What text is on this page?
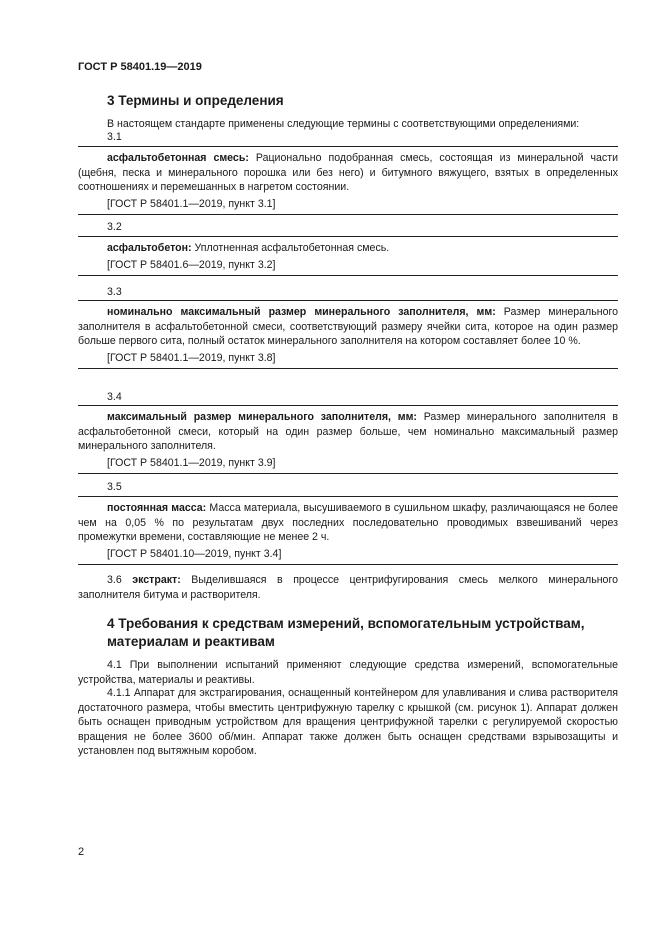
ГОСТ Р 58401.19—2019
3 Термины и определения
В настоящем стандарте применены следующие термины с соответствующими определениями:
3.1

асфальтобетонная смесь: Рационально подобранная смесь, состоящая из минеральной части (щебня, песка и минерального порошка или без него) и битумного вяжущего, взятых в определенных соотношениях и перемешанных в нагретом состоянии.

[ГОСТ Р 58401.1—2019, пункт 3.1]
3.2

асфальтобетон: Уплотненная асфальтобетонная смесь.

[ГОСТ Р 58401.6—2019, пункт 3.2]
3.3

номинально максимальный размер минерального заполнителя, мм: Размер минерального заполнителя в асфальтобетонной смеси, соответствующий размеру ячейки сита, которое на один размер больше первого сита, полный остаток минерального заполнителя на котором составляет более 10 %.

[ГОСТ Р 58401.1—2019, пункт 3.8]
3.4

максимальный размер минерального заполнителя, мм: Размер минерального заполнителя в асфальтобетонной смеси, который на один размер больше, чем номинально максимальный размер минерального заполнителя.

[ГОСТ Р 58401.1—2019, пункт 3.9]
3.5

постоянная масса: Масса материала, высушиваемого в сушильном шкафу, различающаяся не более чем на 0,05 % по результатам двух последних последовательно проводимых взвешиваний через промежутки времени, составляющие не менее 2 ч.

[ГОСТ Р 58401.10—2019, пункт 3.4]
3.6 экстракт: Выделившаяся в процессе центрифугирования смесь мелкого минерального заполнителя битума и растворителя.
4 Требования к средствам измерений, вспомогательным устройствам,
материалам и реактивам
4.1 При выполнении испытаний применяют следующие средства измерений, вспомогательные устройства, материалы и реактивы.
4.1.1 Аппарат для экстрагирования, оснащенный контейнером для улавливания и слива растворителя достаточного размера, чтобы вместить центрифужную тарелку с крышкой (см. рисунок 1). Аппарат должен быть оснащен приводным устройством для вращения центрифужной тарелки с регулируемой скоростью вращения не более 3600 об/мин. Аппарат также должен быть оснащен средствами взрывозащиты и установлен под вытяжным коробом.
2
